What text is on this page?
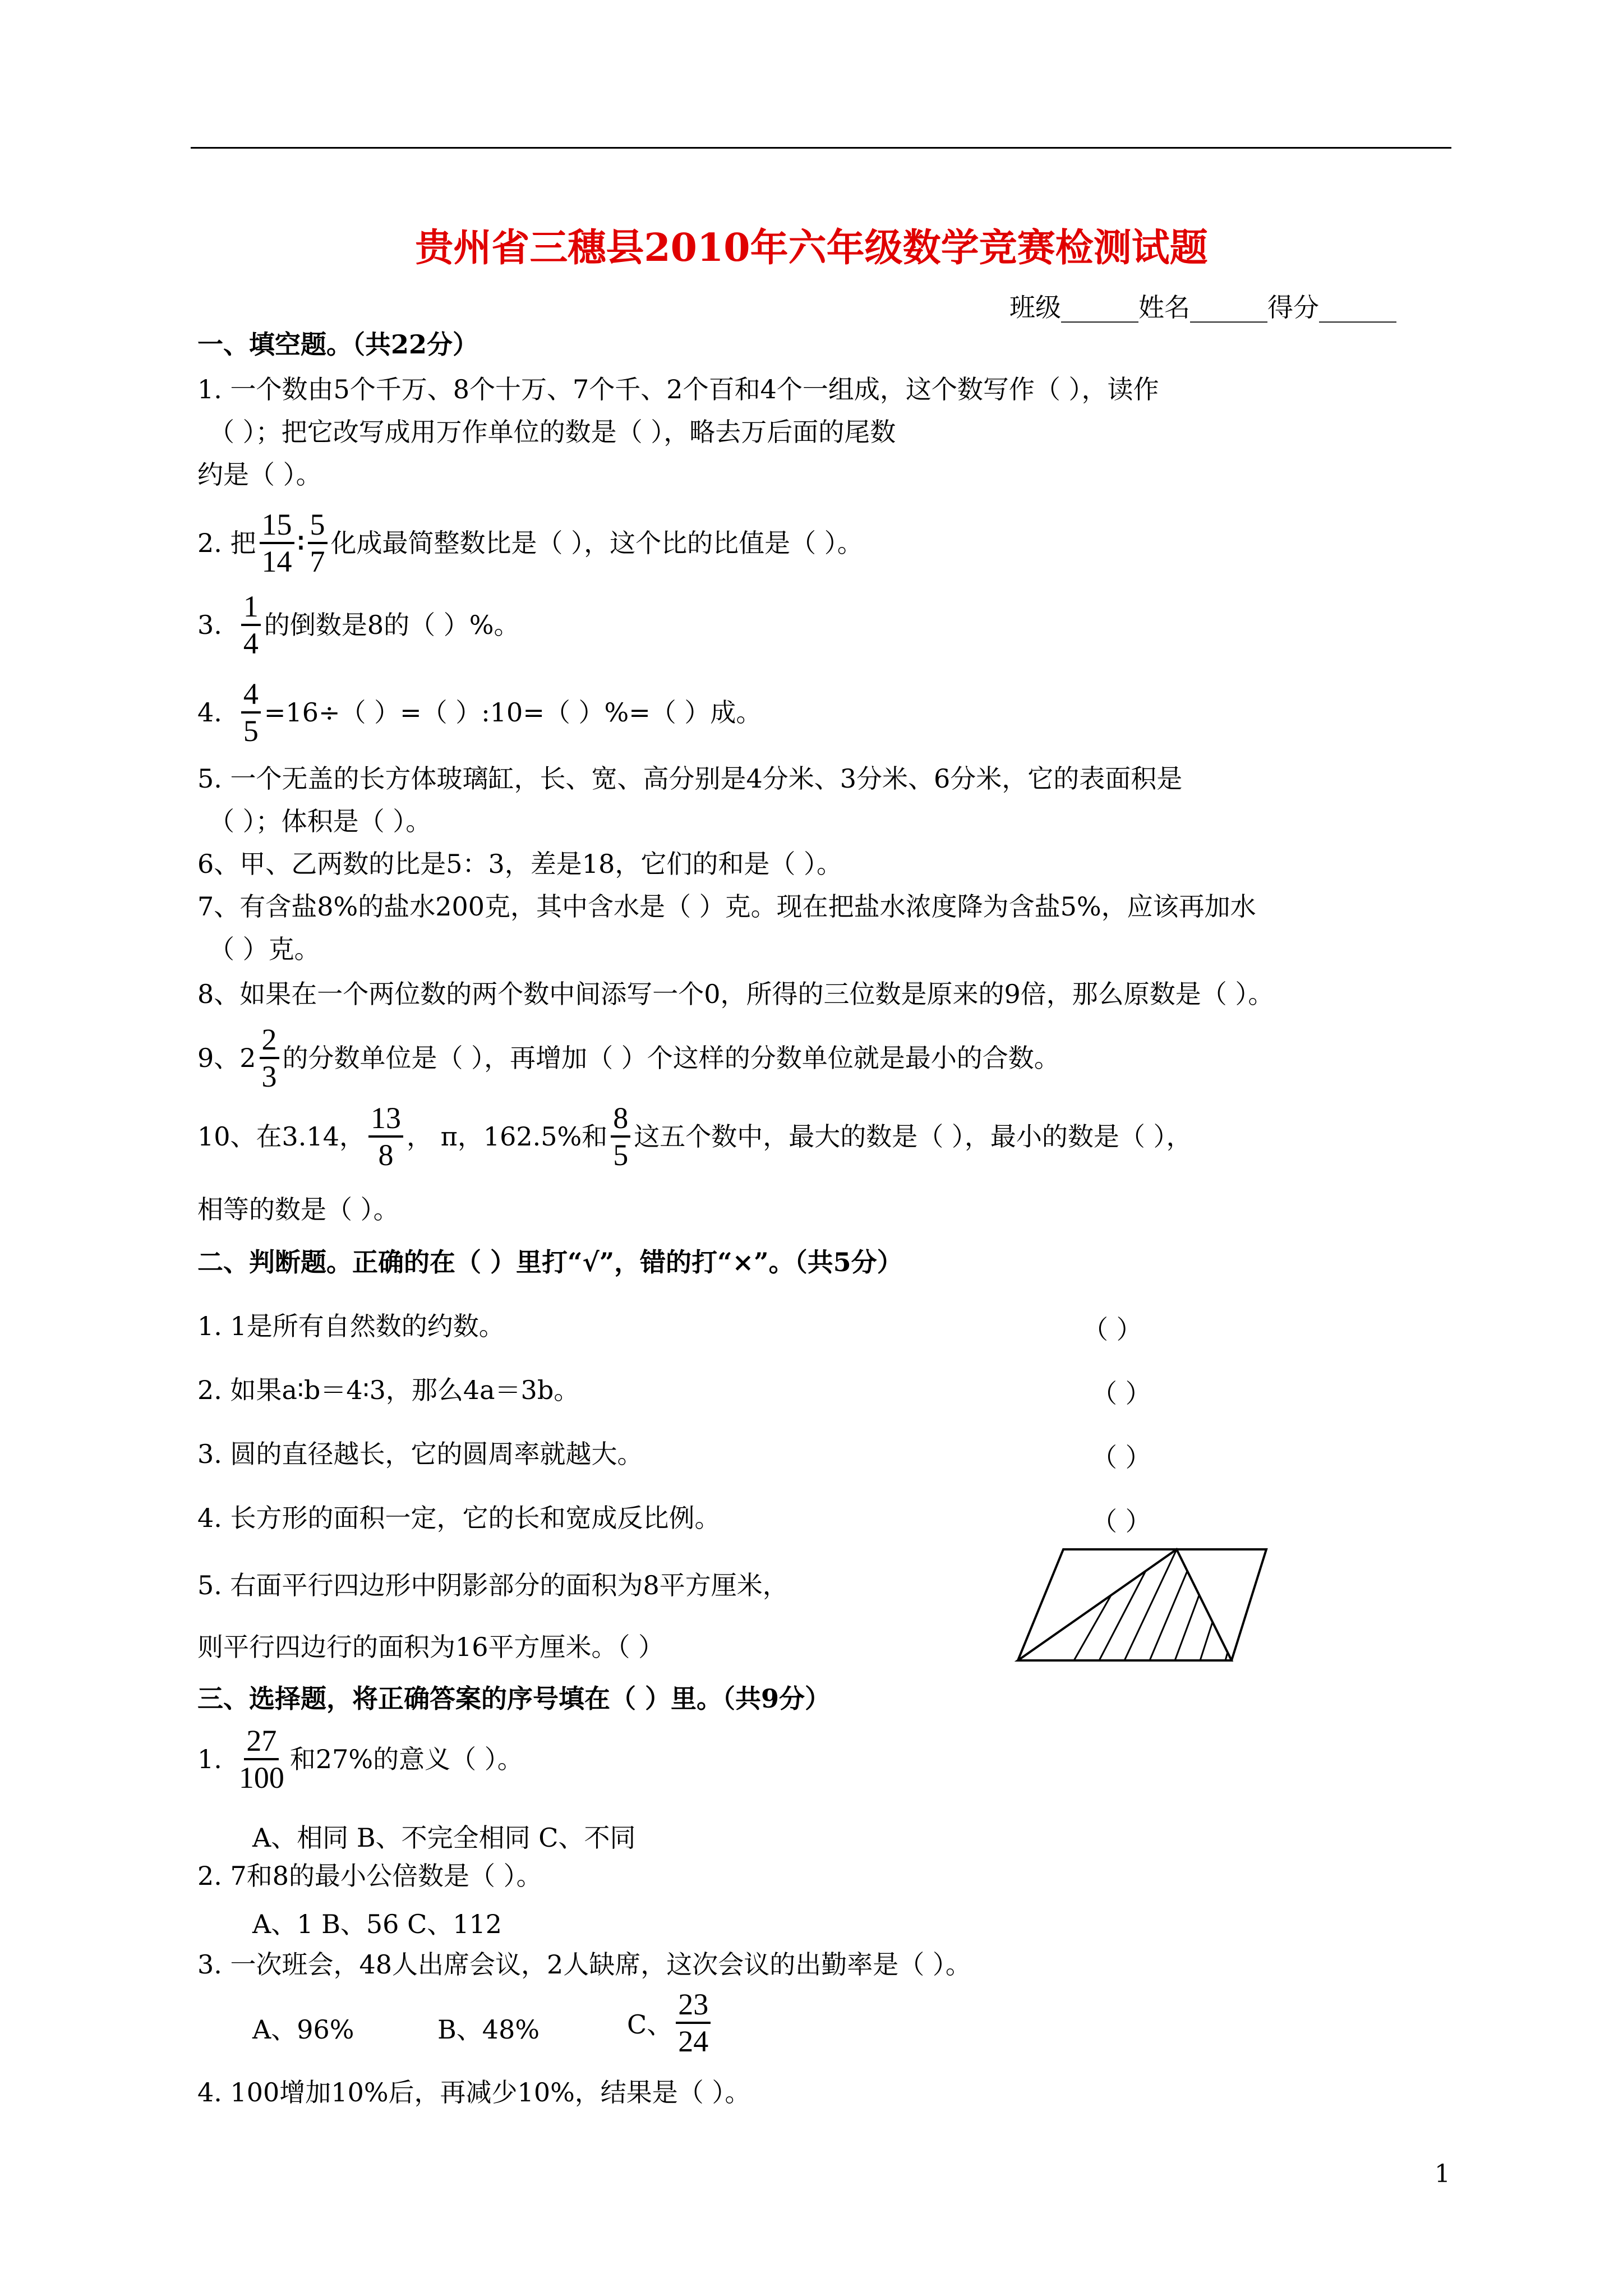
贵州省三穗县2010年六年级数学竞赛检测试题
班级______姓名______得分______
一、填空题。（共22分）
1. 一个数由5个千万、8个十万、7个千、2个百和4个一组成，这个数写作（ ），读作
（ ）；把它改写成用万作单位的数是（ ），略去万后面的尾数
约是（ ）。
2. 把 $\frac{15}{14}$ ∶ $\frac{5}{7}$ 化成最简整数比是（ ），这个比的比值是（ ）。
3. $\frac{1}{4}$ 的倒数是8的（ ）%。
4. $\frac{4}{5} =16\div$（ ）=（ ）:10=（ ）%=（ ）成。
5. 一个无盖的长方体玻璃缸，长、宽、高分别是4分米、3分米、6分米，它的表面积是
（ ）；体积是（ ）。
6、甲、乙两数的比是5：3，差是18，它们的和是（ ）。
7、有含盐8%的盐水200克，其中含水是（ ）克。现在把盐水浓度降为含盐5%，应该再加水
（ ）克。
8、如果在一个两位数的两个数中间添写一个0，所得的三位数是原来的9倍，那么原数是（ ）。
9、$2 \frac{2}{3}$ 的分数单位是（ ），再增加（ ）个这样的分数单位就是最小的合数。
10、在3.14， $\frac{13}{8}$ ， π，162.5%和 $\frac{8}{5}$ 这五个数中，最大的数是（ ），最小的数是（ ），
相等的数是（ ）。
二、判断题。正确的在（ ）里打“√”，错的打“×”。（共5分）
1. 1是所有自然数的约数。	（ ）
2. 如果a∶b＝4∶3，那么4a＝3b。	（ ）
3. 圆的直径越长，它的圆周率就越大。	（ ）
4. 长方形的面积一定，它的长和宽成反比例。	（ ）
5. 右面平行四边形中阴影部分的面积为8平方厘米，
则平行四边行的面积为16平方厘米。（ ）
三、选择题，将正确答案的序号填在（ ）里。（共9分）
1. $\frac{27}{100}$ 和27%的意义（ ）。
A、相同 B、不完全相同 C、不同
2. 7和8的最小公倍数是（ ）。
A、1 B、56 C、112
3. 一次班会，48人出席会议，2人缺席，这次会议的出勤率是（ ）。
A、96%	B、48%	C、 $\frac{23}{24}$
4. 100增加10%后，再减少10%，结果是（ ）。
1
